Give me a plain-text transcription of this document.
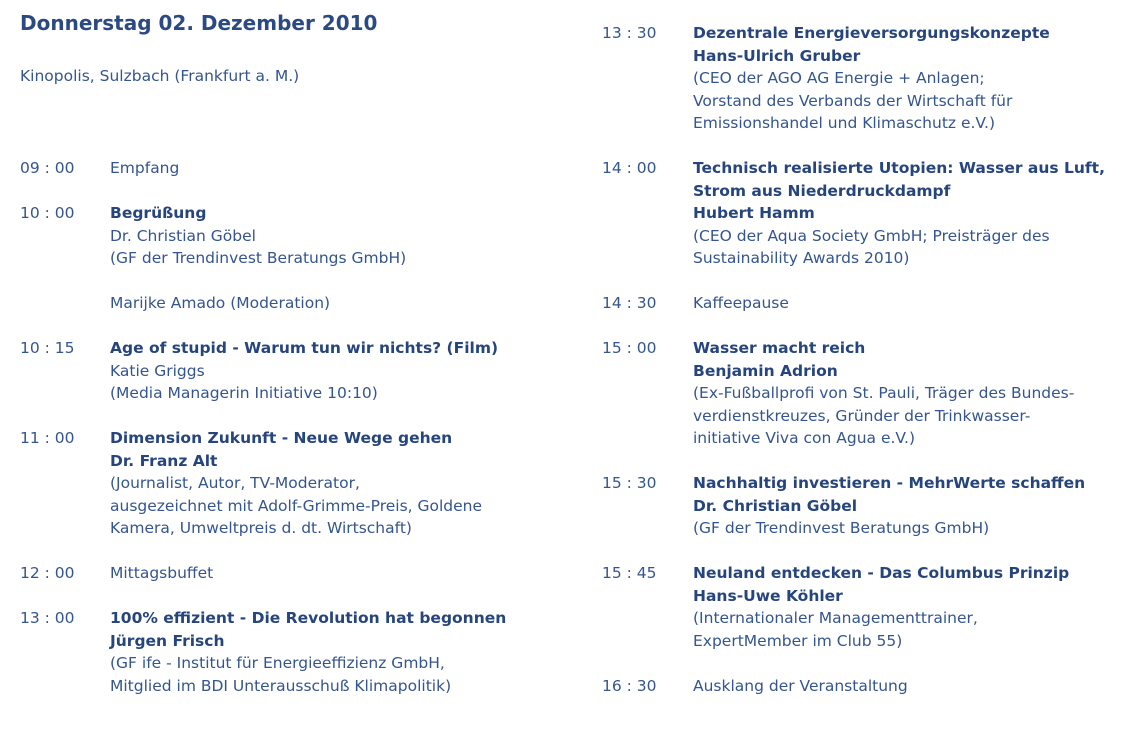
Donnerstag 02. Dezember 2010
Kinopolis, Sulzbach (Frankfurt a. M.)
09 : 00 Empfang
10 : 00 Begrüßung
Dr. Christian Göbel
(GF der Trendinvest Beratungs GmbH)
Marijke Amado (Moderation)
10 : 15 Age of stupid - Warum tun wir nichts? (Film)
Katie Griggs
(Media Managerin Initiative 10:10)
11 : 00 Dimension Zukunft - Neue Wege gehen
Dr. Franz Alt
(Journalist, Autor, TV-Moderator,
ausgezeichnet mit Adolf-Grimme-Preis, Goldene
Kamera, Umweltpreis d. dt. Wirtschaft)
12 : 00 Mittagsbuffet
13 : 00 100% effizient - Die Revolution hat begonnen
Jürgen Frisch
(GF ife - Institut für Energieeffizienz GmbH,
Mitglied im BDI Unterausschuß Klimapolitik)
13 : 30 Dezentrale Energieversorgungskonzepte
Hans-Ulrich Gruber
(CEO der AGO AG Energie + Anlagen;
Vorstand des Verbands der Wirtschaft für
Emissionshandel und Klimaschutz e.V.)
14 : 00 Technisch realisierte Utopien: Wasser aus Luft,
Strom aus Niederdruckdampf
Hubert Hamm
(CEO der Aqua Society GmbH; Preisträger des
Sustainability Awards 2010)
14 : 30 Kaffeepause
15 : 00 Wasser macht reich
Benjamin Adrion
(Ex-Fußballprofi von St. Pauli, Träger des Bundes-
verdienstkreuzes, Gründer der Trinkwasser-
initiative Viva con Agua e.V.)
15 : 30 Nachhaltig investieren - MehrWerte schaffen
Dr. Christian Göbel
(GF der Trendinvest Beratungs GmbH)
15 : 45 Neuland entdecken - Das Columbus Prinzip
Hans-Uwe Köhler
(Internationaler Managementtrainer,
ExpertMember im Club 55)
16 : 30 Ausklang der Veranstaltung
